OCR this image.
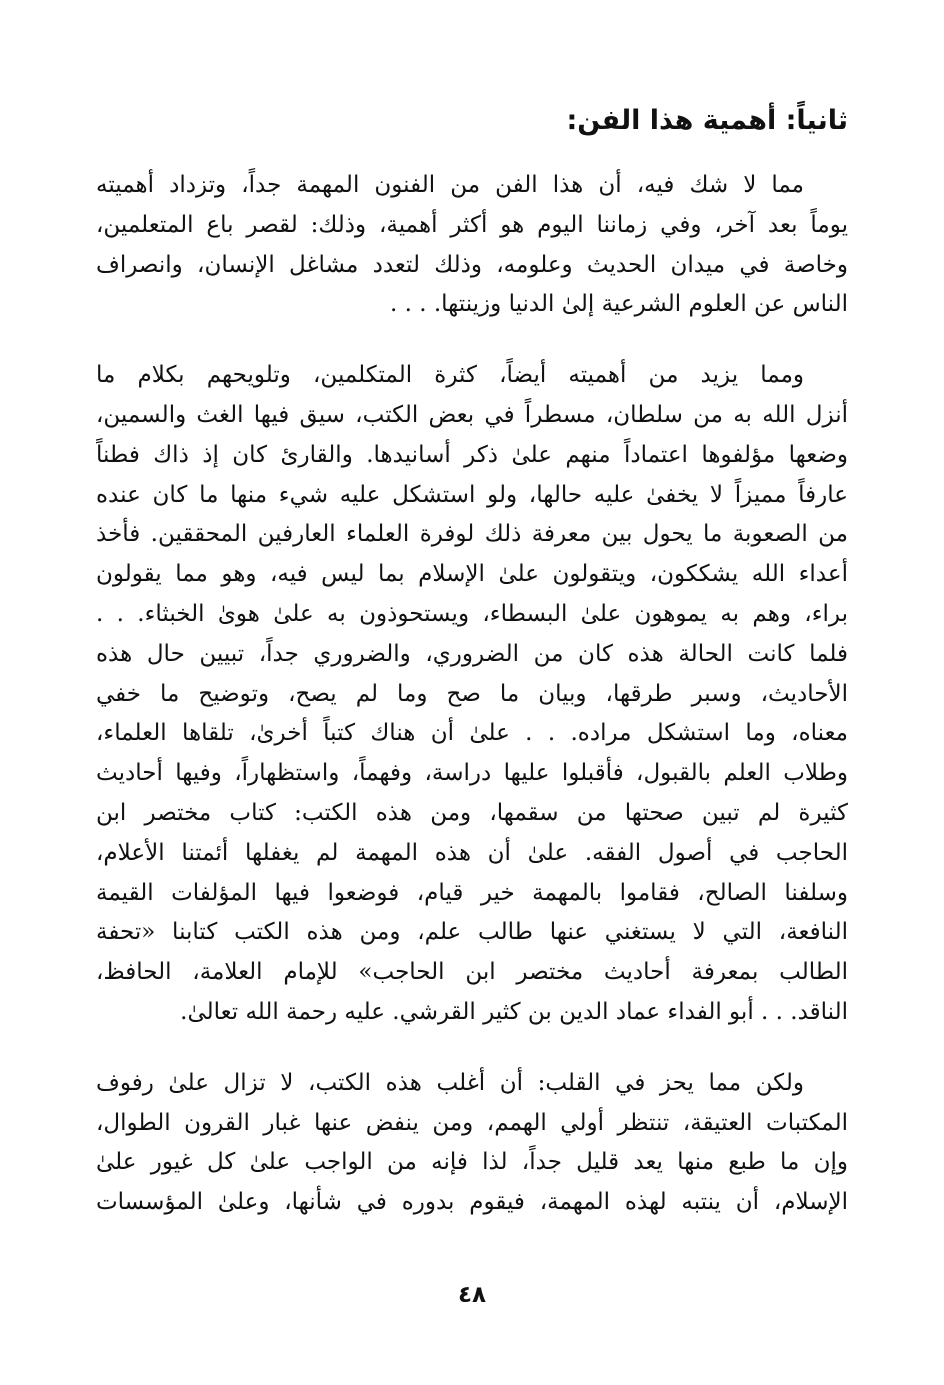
ثانياً: أهمية هذا الفن:
مما لا شك فيه، أن هذا الفن من الفنون المهمة جداً، وتزداد أهميته
يوماً بعد آخر، وفي زماننا اليوم هو أكثر أهمية، وذلك: لقصر باع المتعلمين،
وخاصة في ميدان الحديث وعلومه، وذلك لتعدد مشاغل الإنسان، وانصراف
الناس عن العلوم الشرعية إلىٰ الدنيا وزينتها. . . .
ومما يزيد من أهميته أيضاً، كثرة المتكلمين، وتلويحهم بكلام ما
أنزل الله به من سلطان، مسطراً في بعض الكتب، سيق فيها الغث والسمين،
وضعها مؤلفوها اعتماداً منهم علىٰ ذكر أسانيدها. والقارئ كان إذ ذاك فطناً
عارفاً مميزاً لا يخفىٰ عليه حالها، ولو استشكل عليه شيء منها ما كان عنده
من الصعوبة ما يحول بين معرفة ذلك لوفرة العلماء العارفين المحققين. فأخذ
أعداء الله يشككون، ويتقولون علىٰ الإسلام بما ليس فيه، وهو مما يقولون
براء، وهم به يموهون علىٰ البسطاء، ويستحوذون به علىٰ هوىٰ الخبثاء. . .
فلما كانت الحالة هذه كان من الضروري، والضروري جداً، تبيين حال هذه
الأحاديث، وسبر طرقها، وبيان ما صح وما لم يصح، وتوضيح ما خفي
معناه، وما استشكل مراده. . . علىٰ أن هناك كتباً أخرىٰ، تلقاها العلماء،
وطلاب العلم بالقبول، فأقبلوا عليها دراسة، وفهماً، واستظهاراً، وفيها أحاديث
كثيرة لم تبين صحتها من سقمها، ومن هذه الكتب: كتاب مختصر ابن
الحاجب في أصول الفقه. علىٰ أن هذه المهمة لم يغفلها أئمتنا الأعلام،
وسلفنا الصالح، فقاموا بالمهمة خير قيام، فوضعوا فيها المؤلفات القيمة
النافعة، التي لا يستغني عنها طالب علم، ومن هذه الكتب كتابنا «تحفة
الطالب بمعرفة أحاديث مختصر ابن الحاجب» للإمام العلامة، الحافظ،
الناقد. . . أبو الفداء عماد الدين بن كثير القرشي. عليه رحمة الله تعالىٰ.
ولكن مما يحز في القلب: أن أغلب هذه الكتب، لا تزال علىٰ رفوف
المكتبات العتيقة، تنتظر أولي الهمم، ومن ينفض عنها غبار القرون الطوال،
وإن ما طبع منها يعد قليل جداً، لذا فإنه من الواجب علىٰ كل غيور علىٰ
الإسلام، أن ينتبه لهذه المهمة، فيقوم بدوره في شأنها، وعلىٰ المؤسسات
٤٨
